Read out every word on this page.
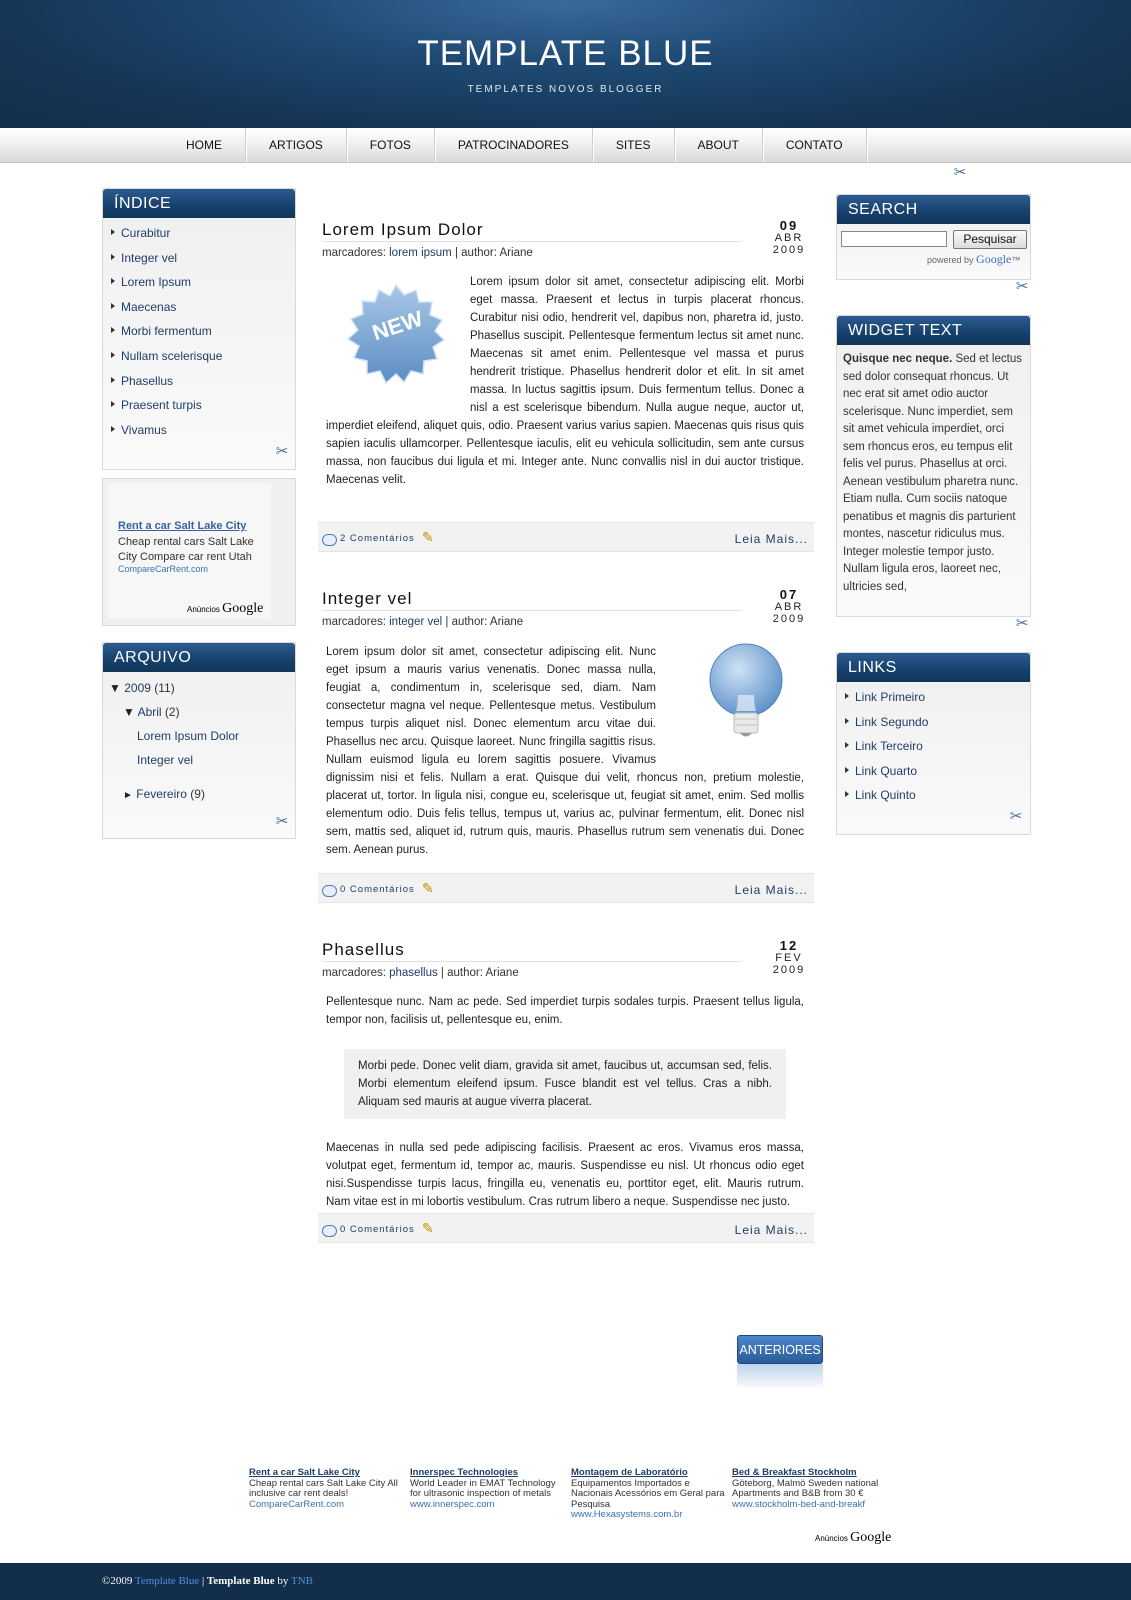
TEMPLATE BLUE
TEMPLATES NOVOS BLOGGER
HOME	ARTIGOS	FOTOS	PATROCINADORES	SITES	ABOUT	CONTATO
✂
ÍNDICE
Curabitur
Integer vel
Lorem Ipsum
Maecenas
Morbi fermentum
Nullam scelerisque
Phasellus
Praesent turpis
Vivamus
✂
Rent a car Salt Lake City
Cheap rental cars Salt Lake City Compare car rent Utah
CompareCarRent.com
Anúncios Google
ARQUIVO
▼ 2009 (11)
▼ Abril (2)
Lorem Ipsum Dolor
Integer vel
► Fevereiro (9)
✂
Lorem Ipsum Dolor	09
ABR
2009
marcadores: lorem ipsum | author: Ariane
NEW

Lorem ipsum dolor sit amet, consectetur adipiscing elit. Morbi eget massa. Praesent et lectus in turpis placerat rhoncus. Curabitur nisi odio, hendrerit vel, dapibus non, pharetra id, justo. Phasellus suscipit. Pellentesque fermentum lectus sit amet nunc. Maecenas sit amet enim. Pellentesque vel massa et purus hendrerit tristique. Phasellus hendrerit dolor et elit. In sit amet massa. In luctus sagittis ipsum. Duis fermentum tellus. Donec a nisl a est scelerisque bibendum. Nulla augue neque, auctor ut, imperdiet eleifend, aliquet quis, odio. Praesent varius varius sapien. Maecenas quis risus quis sapien iaculis ullamcorper. Pellentesque iaculis, elit eu vehicula sollicitudin, sem ante cursus massa, non faucibus dui ligula et mi. Integer ante. Nunc convallis nisl in dui auctor tristique. Maecenas velit.

2 Comentários ✎	Leia Mais...
Integer vel	07
ABR
2009
marcadores: integer vel | author: Ariane

Lorem ipsum dolor sit amet, consectetur adipiscing elit. Nunc eget ipsum a mauris varius venenatis. Donec massa nulla, feugiat a, condimentum in, scelerisque sed, diam. Nam consectetur magna vel neque. Pellentesque metus. Vestibulum tempus turpis aliquet nisl. Donec elementum arcu vitae dui. Phasellus nec arcu. Quisque laoreet. Nunc fringilla sagittis risus. Nullam euismod ligula eu lorem sagittis posuere. Vivamus dignissim nisi et felis. Nullam a erat. Quisque dui velit, rhoncus non, pretium molestie, placerat ut, tortor. In ligula nisi, congue eu, scelerisque ut, feugiat sit amet, enim. Sed mollis elementum odio. Duis felis tellus, tempus ut, varius ac, pulvinar fermentum, elit. Donec nisl sem, mattis sed, aliquet id, rutrum quis, mauris. Phasellus rutrum sem venenatis dui. Donec sem. Aenean purus.

0 Comentários ✎	Leia Mais...
Phasellus	12
FEV
2009
marcadores: phasellus | author: Ariane

Pellentesque nunc. Nam ac pede. Sed imperdiet turpis sodales turpis. Praesent tellus ligula, tempor non, facilisis ut, pellentesque eu, enim.

Morbi pede. Donec velit diam, gravida sit amet, faucibus ut, accumsan sed, felis. Morbi elementum eleifend ipsum. Fusce blandit est vel tellus. Cras a nibh. Aliquam sed mauris at augue viverra placerat.

Maecenas in nulla sed pede adipiscing facilisis. Praesent ac eros. Vivamus eros massa, volutpat eget, fermentum id, tempor ac, mauris. Suspendisse eu nisl. Ut rhoncus odio eget nisi.Suspendisse turpis lacus, fringilla eu, venenatis eu, porttitor eget, elit. Mauris rutrum. Nam vitae est in mi lobortis vestibulum. Cras rutrum libero a neque. Suspendisse nec justo.

0 Comentários ✎	Leia Mais...
ANTERIORES
SEARCH
Pesquisar
powered by Google™
✂
WIDGET TEXT
Quisque nec neque. Sed et lectus sed dolor consequat rhoncus. Ut nec erat sit amet odio auctor scelerisque. Nunc imperdiet, sem sit amet vehicula imperdiet, orci sem rhoncus eros, eu tempus elit felis vel purus. Phasellus at orci. Aenean vestibulum pharetra nunc.
Etiam nulla. Cum sociis natoque penatibus et magnis dis parturient montes, nascetur ridiculus mus. Integer molestie tempor justo. Nullam ligula eros, laoreet nec, ultricies sed,
✂
LINKS
Link Primeiro
Link Segundo
Link Terceiro
Link Quarto
Link Quinto
✂
Rent a car Salt Lake City
Cheap rental cars Salt Lake City All inclusive car rent deals!
CompareCarRent.com
Innerspec Technologies
World Leader in EMAT Technology for ultrasonic inspection of metals
www.innerspec.com
Montagem de Laboratório
Equipamentos Importados e Nacionais Acessórios em Geral para Pesquisa
www.Hexasystems.com.br
Bed & Breakfast Stockholm
Göteborg, Malmö Sweden national Apartments and B&B from 30 €
www.stockholm-bed-and-breakf
Anúncios Google
©2009 Template Blue | Template Blue by TNB
